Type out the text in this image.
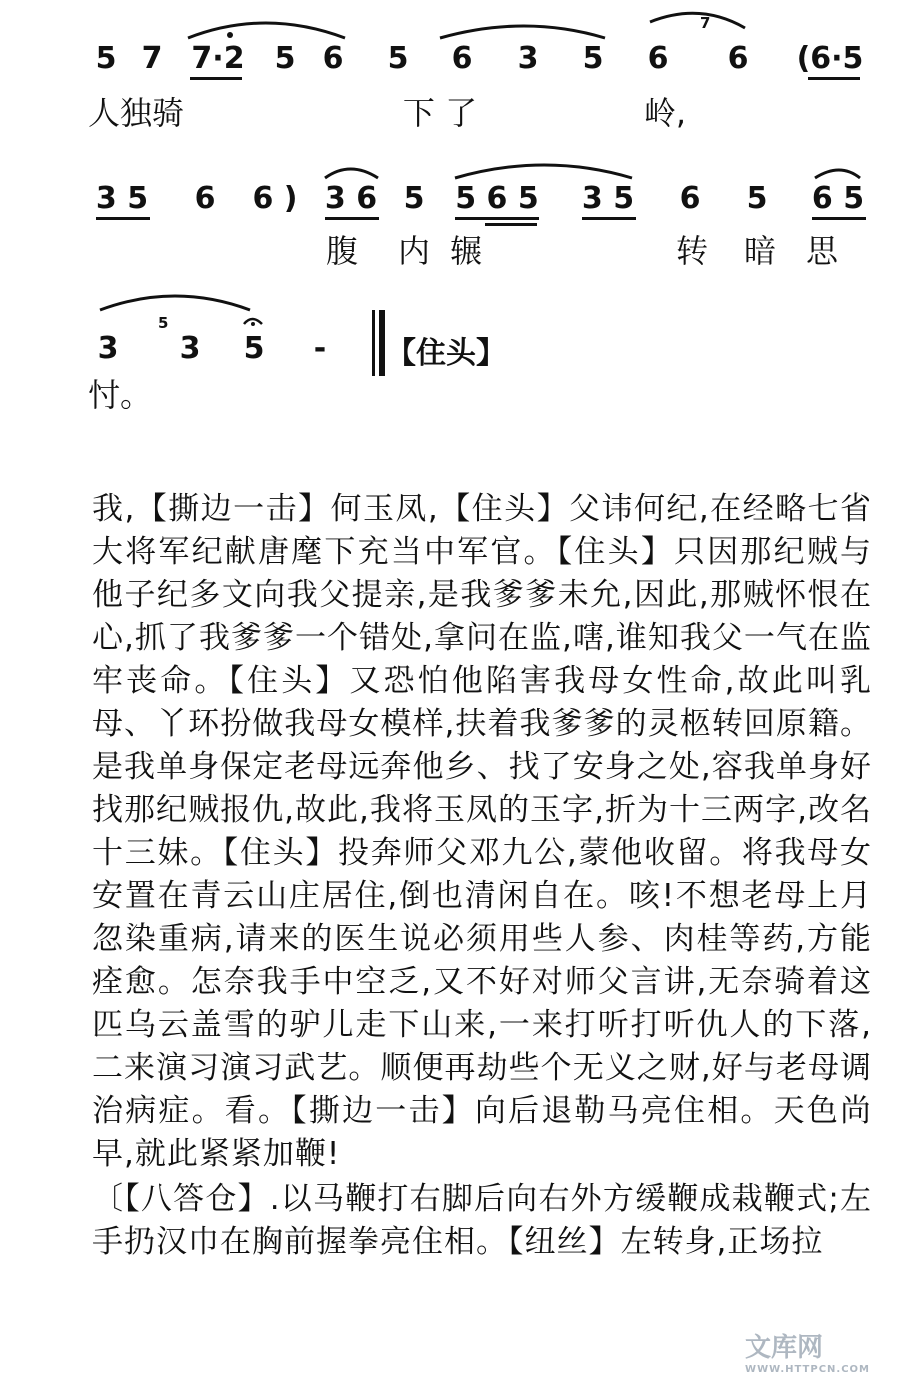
5 7 7·2 5 6 5 6 3 5 6
7
6 (6·5
人独骑	下 了	岭,
3 5 6 6 ) 3 6 5 5 6 5 3 5 6 5 6 5
腹 内 辗	转 暗 思
3
5
3 5 - 【住头】
忖。

我,【撕边一击】何玉凤,【住头】父讳何纪,在经略七省大将军纪献唐麾下充当中军官。【住头】只因那纪贼与他子纪多文向我父提亲,是我爹爹未允,因此,那贼怀恨在心,抓了我爹爹一个错处,拿问在监,嗐,谁知我父一气在监牢丧命。【住头】又恐怕他陷害我母女性命,故此叫乳母、丫环扮做我母女模样,扶着我爹爹的灵柩转回原籍。是我单身保定老母远奔他乡、找了安身之处,容我单身好找那纪贼报仇,故此,我将玉凤的玉字,折为十三两字,改名十三妹。【住头】投奔师父邓九公,蒙他收留。将我母女安置在青云山庄居住,倒也清闲自在。咳!不想老母上月忽染重病,请来的医生说必须用些人参、肉桂等药,方能痊愈。怎奈我手中空乏,又不好对师父言讲,无奈骑着这匹乌云盖雪的驴儿走下山来,一来打听打听仇人的下落,二来演习演习武艺。顺便再劫些个无义之财,好与老母调治病症。看。【撕边一击】向后退勒马亮住相。天色尚早,就此紧紧加鞭!

〔【八答仓】.以马鞭打右脚后向右外方缓鞭成栽鞭式;左手扔汉巾在胸前握拳亮住相。【纽丝】左转身,正场拉

文库网
WWW.HTTPCN.COM
